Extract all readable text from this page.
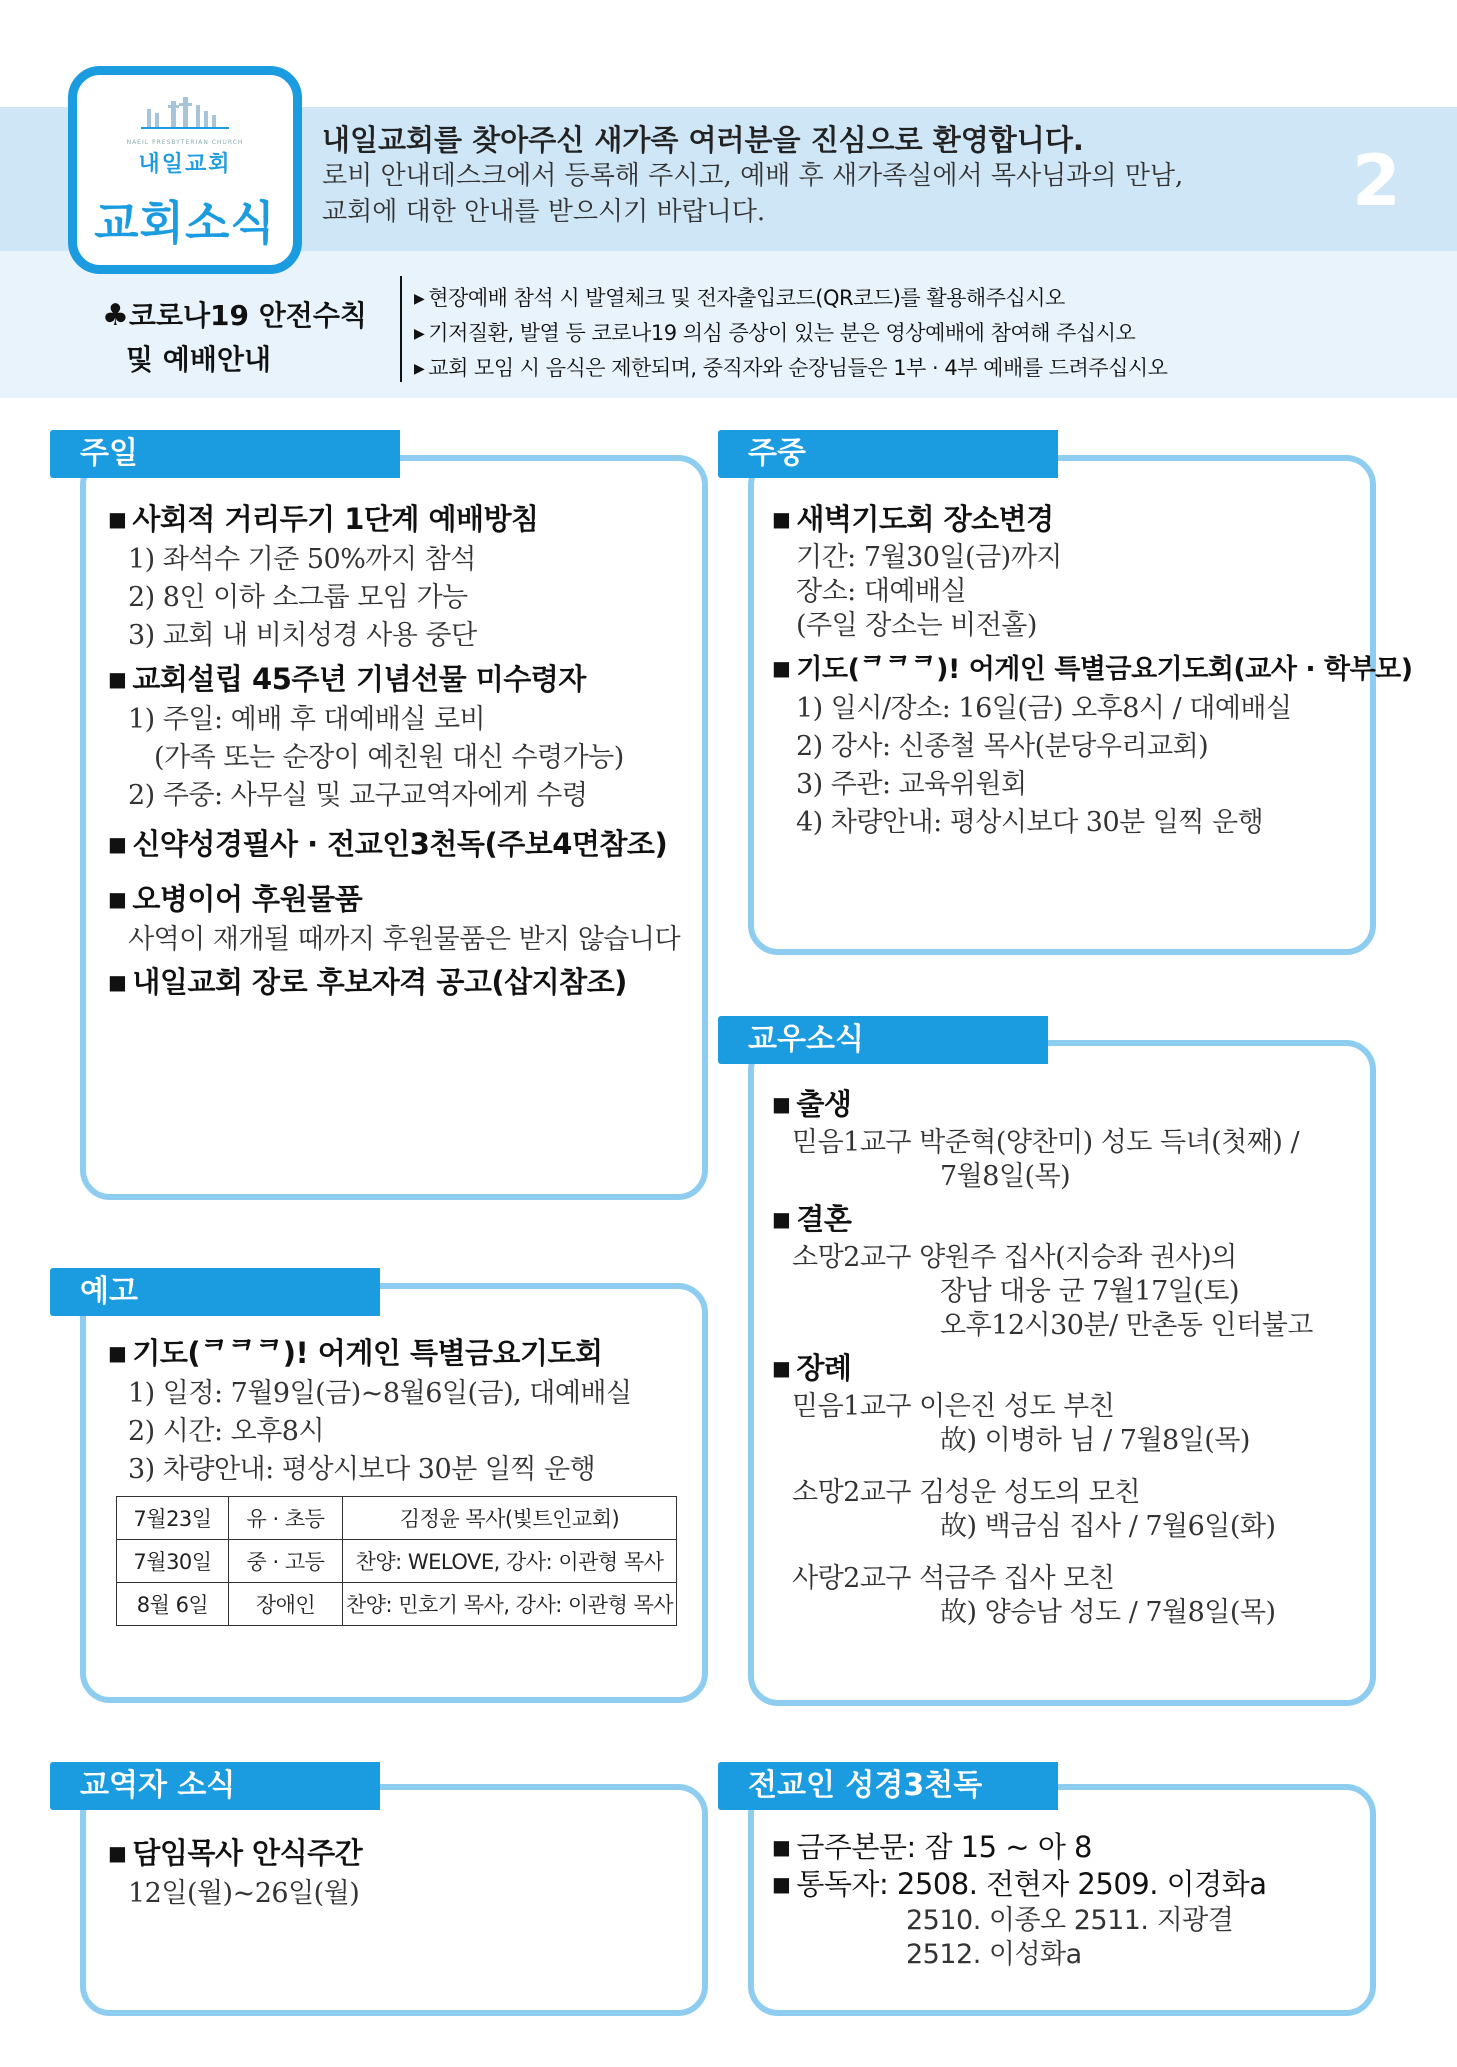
NAEIL PRESBYTERIAN CHURCH
내일교회
교회소식
내일교회를 찾아주신 새가족 여러분을 진심으로 환영합니다.
로비 안내데스크에서 등록해 주시고, 예배 후 새가족실에서 목사님과의 만남,
교회에 대한 안내를 받으시기 바랍니다.	2
♣코로나19 안전수칙
및 예배안내
▶ 현장예배 참석 시 발열체크 및 전자출입코드(QR코드)를 활용해주십시오
▶ 기저질환, 발열 등 코로나19 의심 증상이 있는 분은 영상예배에 참여해 주십시오
▶ 교회 모임 시 음식은 제한되며, 중직자와 순장님들은 1부 · 4부 예배를 드려주십시오
주일
■ 사회적 거리두기 1단계 예배방침
1) 좌석수 기준 50%까지 참석
2) 8인 이하 소그룹 모임 가능
3) 교회 내 비치성경 사용 중단
■ 교회설립 45주년 기념선물 미수령자
1) 주일: 예배 후 대예배실 로비
(가족 또는 순장이 예친원 대신 수령가능)
2) 주중: 사무실 및 교구교역자에게 수령
■ 신약성경필사 · 전교인3천독(주보4면참조)
■ 오병이어 후원물품
사역이 재개될 때까지 후원물품은 받지 않습니다
■ 내일교회 장로 후보자격 공고(삽지참조)
주중
■ 새벽기도회 장소변경
기간: 7월30일(금)까지
장소: 대예배실
(주일 장소는 비전홀)
■ 기도(ᄏᄏᄏ)! 어게인 특별금요기도회(교사 · 학부모)
1) 일시/장소: 16일(금) 오후8시 / 대예배실
2) 강사: 신종철 목사(분당우리교회)
3) 주관: 교육위원회
4) 차량안내: 평상시보다 30분 일찍 운행
예고
■ 기도(ᄏᄏᄏ)! 어게인 특별금요기도회
1) 일정: 7월9일(금)~8월6일(금), 대예배실
2) 시간: 오후8시
3) 차량안내: 평상시보다 30분 일찍 운행
7월23일	유 · 초등	김정윤 목사(빛트인교회)
7월30일	중 · 고등	찬양: WELOVE, 강사: 이관형 목사
8월 6일	장애인	찬양: 민호기 목사, 강사: 이관형 목사
교우소식
■ 출생
믿음1교구 박준혁(양찬미) 성도 득녀(첫째) /
7월8일(목)
■ 결혼
소망2교구 양원주 집사(지승좌 권사)의
장남 대웅 군 7월17일(토)
오후12시30분/ 만촌동 인터불고
■ 장례
믿음1교구 이은진 성도 부친
故) 이병하 님 / 7월8일(목)
소망2교구 김성운 성도의 모친
故) 백금심 집사 / 7월6일(화)
사랑2교구 석금주 집사 모친
故) 양승남 성도 / 7월8일(목)
교역자 소식
■ 담임목사 안식주간
12일(월)~26일(월)
전교인 성경3천독
■ 금주본문: 잠 15 ~ 아 8
■ 통독자: 2508. 전현자 2509. 이경화a
2510. 이종오 2511. 지광결
2512. 이성화a
